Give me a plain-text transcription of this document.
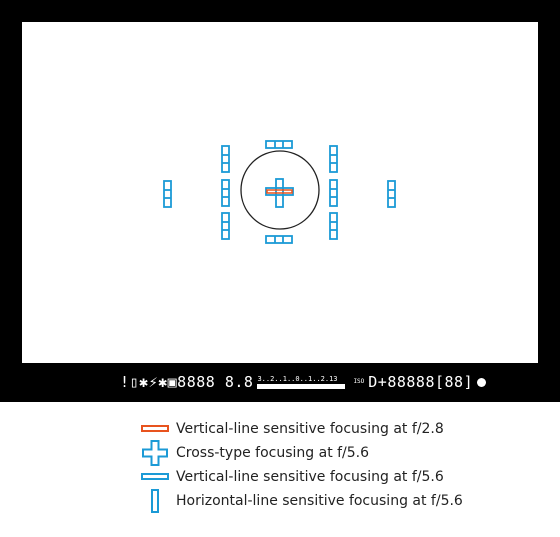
!▯✱⚡✱▣8888 8.8 3..2..1..0..1..2.13	ISO D+88888[88]
Vertical-line sensitive focusing at f/2.8
Cross-type focusing at f/5.6
Vertical-line sensitive focusing at f/5.6
Horizontal-line sensitive focusing at f/5.6
